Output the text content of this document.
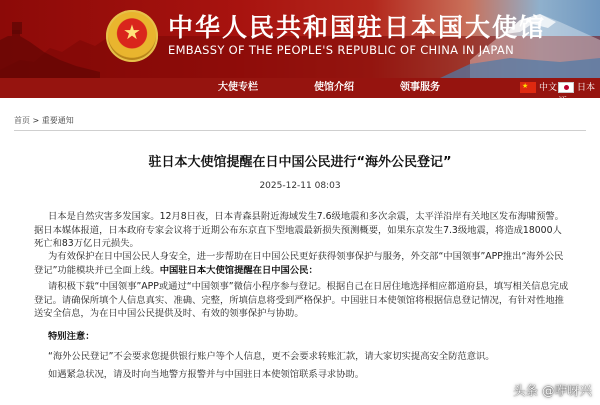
★	中华人民共和国驻日本国大使馆
EMBASSY OF THE PEOPLE'S REPUBLIC OF CHINA IN JAPAN
大使专栏	使馆介绍	领事服务	★ 中文	日本語
首页 > 重要通知
驻日本大使馆提醒在日中国公民进行“海外公民登记”
2025-12-11 08:03

日本是自然灾害多发国家。12月8日夜，日本青森县附近海域发生7.6级地震和多次余震，太平洋沿岸有关地区发布海啸预警。据日本媒体报道，日本政府专家会议将于近期公布东京直下型地震最新损失预测概要，如果东京发生7.3级地震，将造成18000人死亡和83万亿日元损失。

为有效保护在日中国公民人身安全，进一步帮助在日中国公民更好获得领事保护与服务，外交部“中国领事”APP推出“海外公民登记”功能模块并已全面上线。中国驻日本大使馆提醒在日中国公民：

请积极下载“中国领事”APP或通过“中国领事”微信小程序参与登记。根据自己在日居住地选择相应都道府县，填写相关信息完成登记。请确保所填个人信息真实、准确、完整，所填信息将受到严格保护。中国驻日本使领馆将根据信息登记情况，有针对性地推送安全信息，为在日中国公民提供及时、有效的领事保护与协助。

特别注意：

“海外公民登记”不会要求您提供银行账户等个人信息，更不会要求转账汇款，请大家切实提高安全防范意识。

如遇紧急状况，请及时向当地警方报警并与中国驻日本使领馆联系寻求协助。

头条 @咿呀兴
